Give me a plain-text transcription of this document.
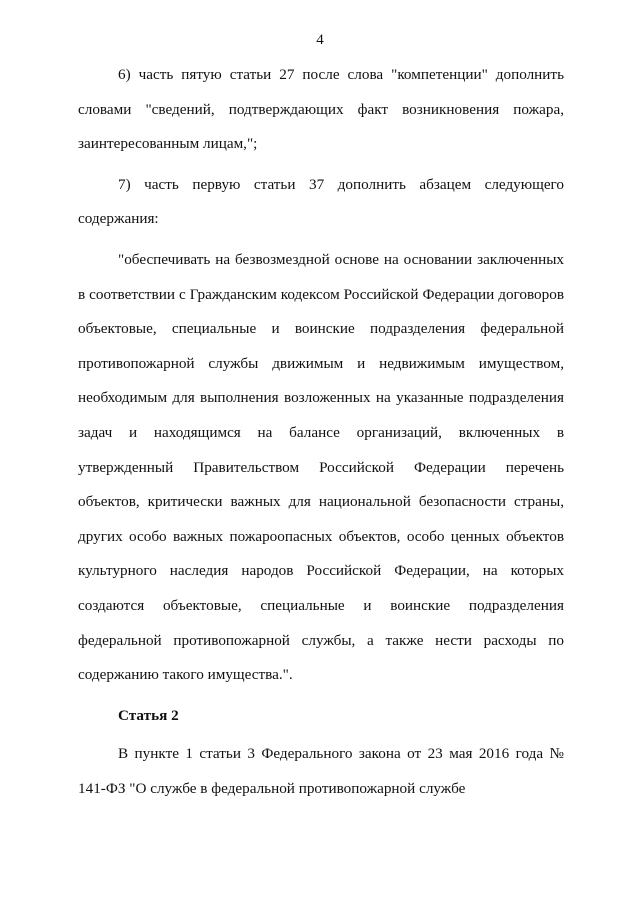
4

6) часть пятую статьи 27 после слова "компетенции" дополнить словами "сведений, подтверждающих факт возникновения пожара, заинтересованным лицам,";

7) часть первую статьи 37 дополнить абзацем следующего содержания:

"обеспечивать на безвозмездной основе на основании заключенных в соответствии с Гражданским кодексом Российской Федерации договоров объектовые, специальные и воинские подразделения федеральной противопожарной службы движимым и недвижимым имуществом, необходимым для выполнения возложенных на указанные подразделения задач и находящимся на балансе организаций, включенных в утвержденный Правительством Российской Федерации перечень объектов, критически важных для национальной безопасности страны, других особо важных пожароопасных объектов, особо ценных объектов культурного наследия народов Российской Федерации, на которых создаются объектовые, специальные и воинские подразделения федеральной противопожарной службы, а также нести расходы по содержанию такого имущества.".

Статья 2

В пункте 1 статьи 3 Федерального закона от 23 мая 2016 года № 141-ФЗ "О службе в федеральной противопожарной службе
